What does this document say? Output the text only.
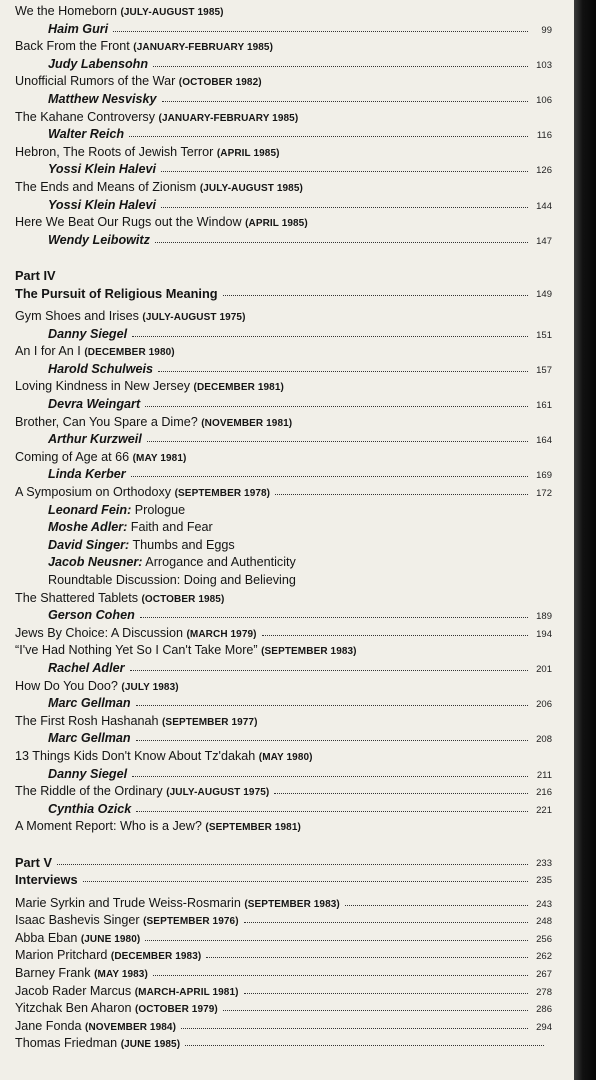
We the Homeborn (JULY-AUGUST 1985)
Haim Guri	99
Back From the Front (JANUARY-FEBRUARY 1985)
Judy Labensohn	103
Unofficial Rumors of the War (OCTOBER 1982)
Matthew Nesvisky	106
The Kahane Controversy (JANUARY-FEBRUARY 1985)
Walter Reich	116
Hebron, The Roots of Jewish Terror (APRIL 1985)
Yossi Klein Halevi	126
The Ends and Means of Zionism (JULY-AUGUST 1985)
Yossi Klein Halevi	144
Here We Beat Our Rugs out the Window (APRIL 1985)
Wendy Leibowitz	147
Part IV
The Pursuit of Religious Meaning	149
Gym Shoes and Irises (JULY-AUGUST 1975)
Danny Siegel	151
An I for An I (DECEMBER 1980)
Harold Schulweis	157
Loving Kindness in New Jersey (DECEMBER 1981)
Devra Weingart	161
Brother, Can You Spare a Dime? (NOVEMBER 1981)
Arthur Kurzweil	164
Coming of Age at 66 (MAY 1981)
Linda Kerber	169
A Symposium on Orthodoxy (SEPTEMBER 1978)	172
Leonard Fein: Prologue
Moshe Adler: Faith and Fear
David Singer: Thumbs and Eggs
Jacob Neusner: Arrogance and Authenticity
Roundtable Discussion: Doing and Believing
The Shattered Tablets (OCTOBER 1985)
Gerson Cohen	189
Jews By Choice: A Discussion (MARCH 1979)	194
“I've Had Nothing Yet So I Can't Take More” (SEPTEMBER 1983)
Rachel Adler	201
How Do You Doo? (JULY 1983)
Marc Gellman	206
The First Rosh Hashanah (SEPTEMBER 1977)
Marc Gellman	208
13 Things Kids Don't Know About Tz'dakah (MAY 1980)
Danny Siegel	211
The Riddle of the Ordinary (JULY-AUGUST 1975)	216
Cynthia Ozick	221
A Moment Report: Who is a Jew? (SEPTEMBER 1981)
Part V	233
Interviews	235
Marie Syrkin and Trude Weiss-Rosmarin (SEPTEMBER 1983)	243
Isaac Bashevis Singer (SEPTEMBER 1976)	248
Abba Eban (JUNE 1980)	256
Marion Pritchard (DECEMBER 1983)	262
Barney Frank (MAY 1983)	267
Jacob Rader Marcus (MARCH-APRIL 1981)	278
Yitzchak Ben Aharon (OCTOBER 1979)	286
Jane Fonda (NOVEMBER 1984)	294
Thomas Friedman (JUNE 1985)
